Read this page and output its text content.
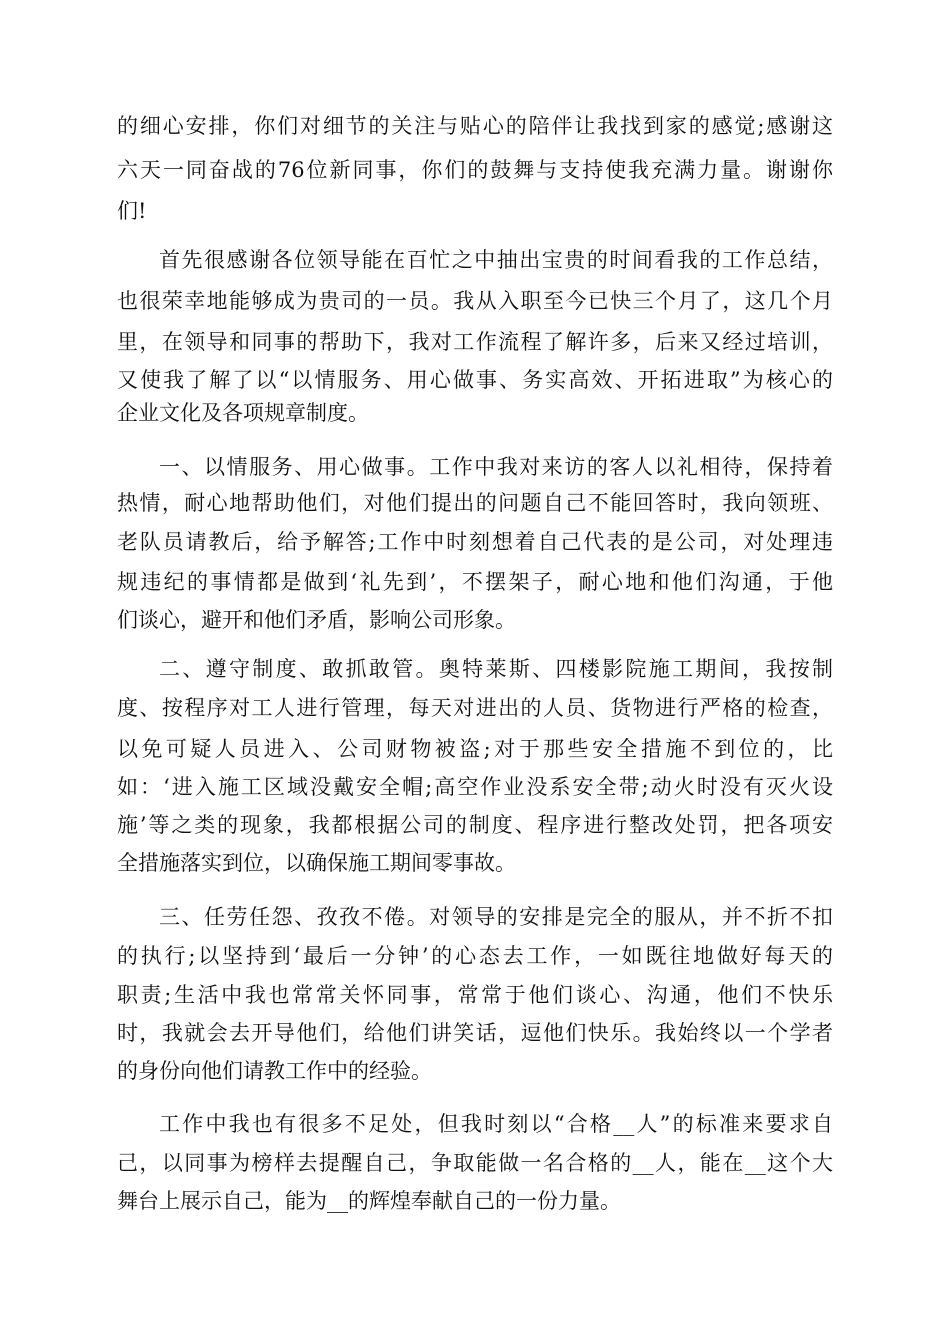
的细心安排，你们对细节的关注与贴心的陪伴让我找到家的感觉;感谢这
六天一同奋战的76位新同事，你们的鼓舞与支持使我充满力量。谢谢你
们!
首先很感谢各位领导能在百忙之中抽出宝贵的时间看我的工作总结，
也很荣幸地能够成为贵司的一员。我从入职至今已快三个月了，这几个月
里，在领导和同事的帮助下，我对工作流程了解许多，后来又经过培训，
又使我了解了以“以情服务、用心做事、务实高效、开拓进取”为核心的
企业文化及各项规章制度。
一、以情服务、用心做事。工作中我对来访的客人以礼相待，保持着
热情，耐心地帮助他们，对他们提出的问题自己不能回答时，我向领班、
老队员请教后，给予解答;工作中时刻想着自己代表的是公司，对处理违
规违纪的事情都是做到‘礼先到’，不摆架子，耐心地和他们沟通，于他
们谈心，避开和他们矛盾，影响公司形象。
二、遵守制度、敢抓敢管。奥特莱斯、四楼影院施工期间，我按制
度、按程序对工人进行管理，每天对进出的人员、货物进行严格的检查，
以免可疑人员进入、公司财物被盗;对于那些安全措施不到位的，比
如：‘进入施工区域没戴安全帽;高空作业没系安全带;动火时没有灭火设
施’等之类的现象，我都根据公司的制度、程序进行整改处罚，把各项安
全措施落实到位，以确保施工期间零事故。
三、任劳任怨、孜孜不倦。对领导的安排是完全的服从，并不折不扣
的执行;以坚持到‘最后一分钟’的心态去工作，一如既往地做好每天的
职责;生活中我也常常关怀同事，常常于他们谈心、沟通，他们不快乐
时，我就会去开导他们，给他们讲笑话，逗他们快乐。我始终以一个学者
的身份向他们请教工作中的经验。
工作中我也有很多不足处，但我时刻以“合格__人”的标准来要求自
己，以同事为榜样去提醒自己，争取能做一名合格的__人，能在__这个大
舞台上展示自己，能为__的辉煌奉献自己的一份力量。
